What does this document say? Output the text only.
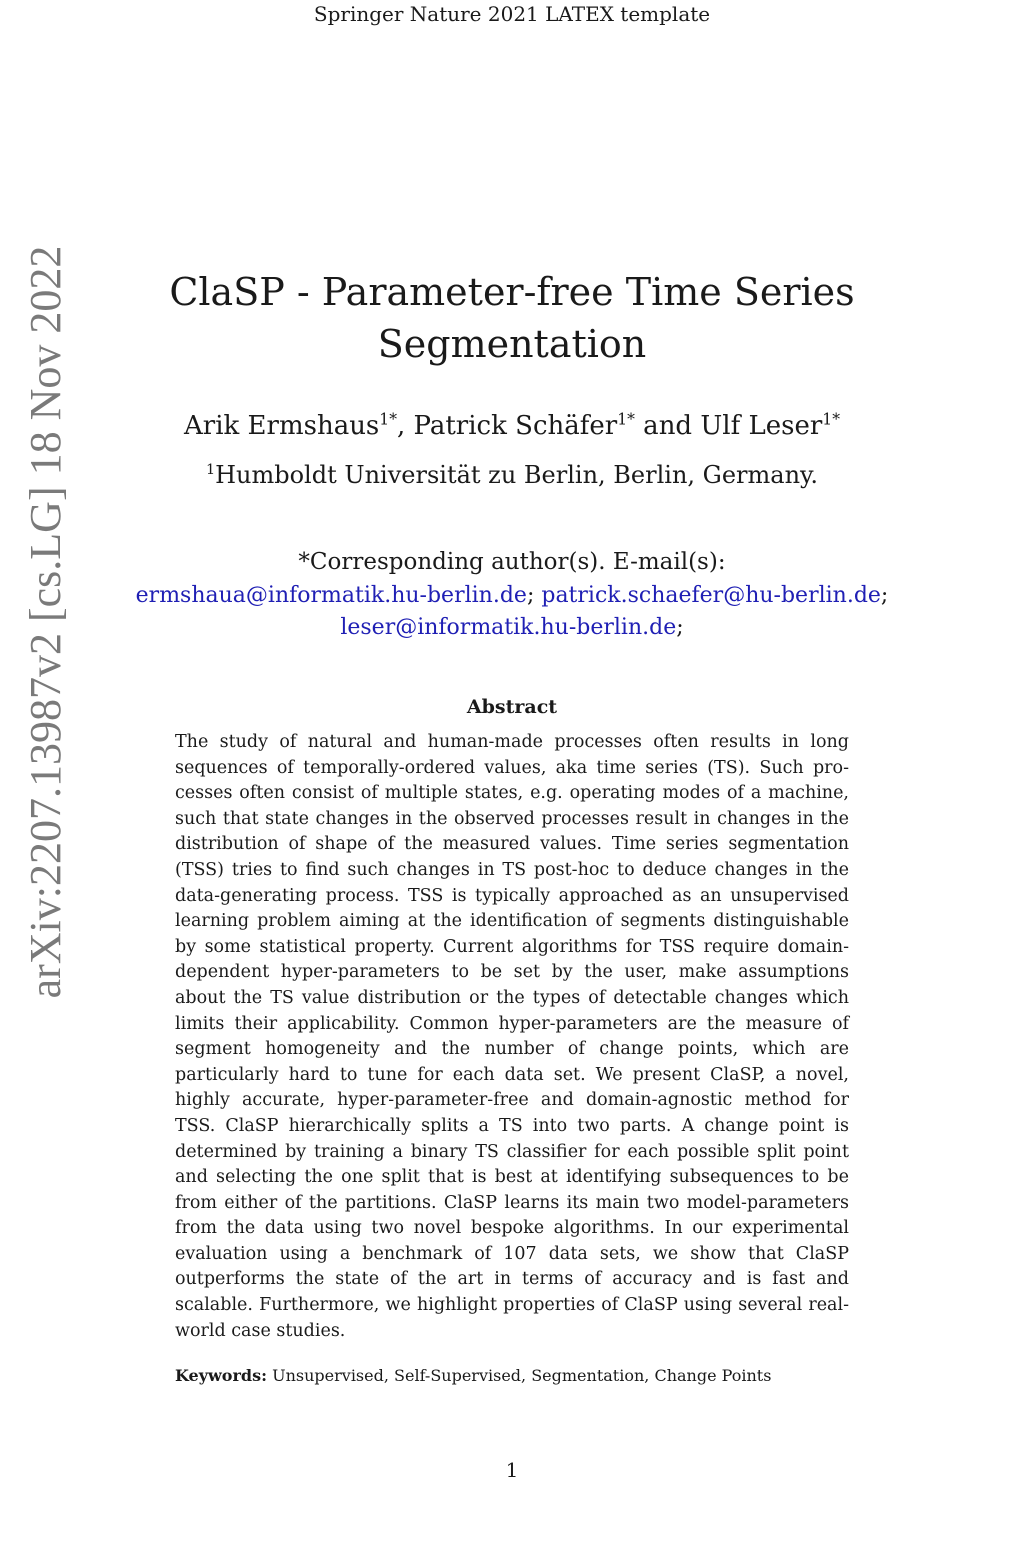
Springer Nature 2021 LATEX template
arXiv:2207.13987v2 [cs.LG] 18 Nov 2022	ClaSP - Parameter-free Time Series Segmentation
Arik Ermshaus$^{1*}$, Patrick Schäfer$^{1*}$ and Ulf Leser$^{1*}$
$^1$Humboldt Universität zu Berlin, Berlin, Germany.
*Corresponding author(s). E-mail(s):
ermshaua@informatik.hu-berlin.de; patrick.schaefer@hu-berlin.de;
leser@informatik.hu-berlin.de;
Abstract
The study of natural and human-made processes often results in long sequences of temporally-ordered values, aka time series (TS). Such processes often consist of multiple states, e.g. operating modes of a machine, such that state changes in the observed processes result in changes in the distribution of shape of the measured values. Time series segmentation (TSS) tries to find such changes in TS post-hoc to deduce changes in the data-generating process. TSS is typically approached as an unsupervised learning problem aiming at the identification of segments distinguishable by some statistical property. Current algorithms for TSS require domain-dependent hyper-parameters to be set by the user, make assumptions about the TS value distribution or the types of detectable changes which limits their applicability. Common hyper-parameters are the measure of segment homogeneity and the number of change points, which are particularly hard to tune for each data set. We present ClaSP, a novel, highly accurate, hyper-parameter-free and domain-agnostic method for TSS. ClaSP hierarchically splits a TS into two parts. A change point is determined by training a binary TS classifier for each possible split point and selecting the one split that is best at identifying subsequences to be from either of the partitions. ClaSP learns its main two model-parameters from the data using two novel bespoke algorithms. In our experimental evaluation using a benchmark of 107 data sets, we show that ClaSP outperforms the state of the art in terms of accuracy and is fast and scalable. Furthermore, we highlight properties of ClaSP using several real-world case studies.
Keywords: Unsupervised, Self-Supervised, Segmentation, Change Points
1
